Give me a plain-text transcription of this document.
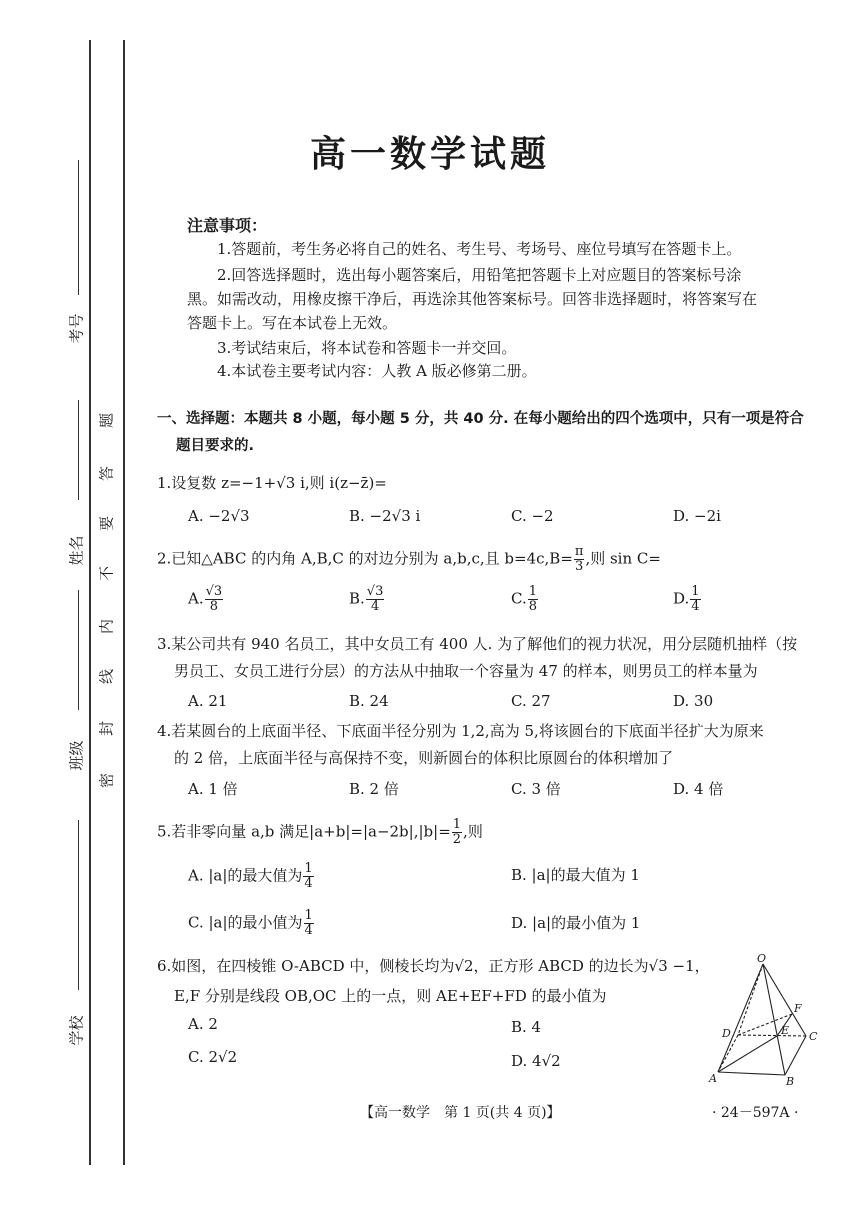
考号
姓名
班级
学校
题
答
要
不
内
线
封
密
高一数学试题
注意事项：
1.答题前，考生务必将自己的姓名、考生号、考场号、座位号填写在答题卡上。
2.回答选择题时，选出每小题答案后，用铅笔把答题卡上对应题目的答案标号涂
黑。如需改动，用橡皮擦干净后，再选涂其他答案标号。回答非选择题时，将答案写在
答题卡上。写在本试卷上无效。
3.考试结束后，将本试卷和答题卡一并交回。
4.本试卷主要考试内容：人教 A 版必修第二册。
一、选择题：本题共 8 小题，每小题 5 分，共 40 分. 在每小题给出的四个选项中，只有一项是符合
题目要求的.
1.设复数 z=−1+√3 i,则 i(z−z̄)=
A. −2√3	B. −2√3 i	C. −2	D. −2i
2.已知△ABC 的内角 A,B,C 的对边分别为 a,b,c,且 $b=4c,B= \frac{\pi}{3}$ ,则 sin C=
A. $\frac{√3}{8}$	B. $\frac{√3}{4}$	C. $\frac{1}{8}$	D. $\frac{1}{4}$
3.某公司共有 940 名员工，其中女员工有 400 人. 为了解他们的视力状况，用分层随机抽样（按
男员工、女员工进行分层）的方法从中抽取一个容量为 47 的样本，则男员工的样本量为
A. 21	B. 24	C. 27	D. 30
4.若某圆台的上底面半径、下底面半径分别为 1,2,高为 5,将该圆台的下底面半径扩大为原来
的 2 倍，上底面半径与高保持不变，则新圆台的体积比原圆台的体积增加了
A. 1 倍	B. 2 倍	C. 3 倍	D. 4 倍
5.若非零向量 a,b 满足$|a+b|=|a-2b|,|b|= \frac{1}{2}$ ,则
A. |a|的最大值为 $\frac{1}{4}$	B. |a|的最大值为 1
C. |a|的最小值为 $\frac{1}{4}$	D. |a|的最小值为 1
6.如图，在四棱锥 O-ABCD 中，侧棱长均为√2，正方形 ABCD 的边长为√3 −1，
E,F 分别是线段 OB,OC 上的一点，则 AE+EF+FD 的最小值为
A. 2	B. 4
C. 2√2	D. 4√2
O
A	B
C
D	E
F
【高一数学　第 1 页(共 4 页)】	· 24－597A ·
